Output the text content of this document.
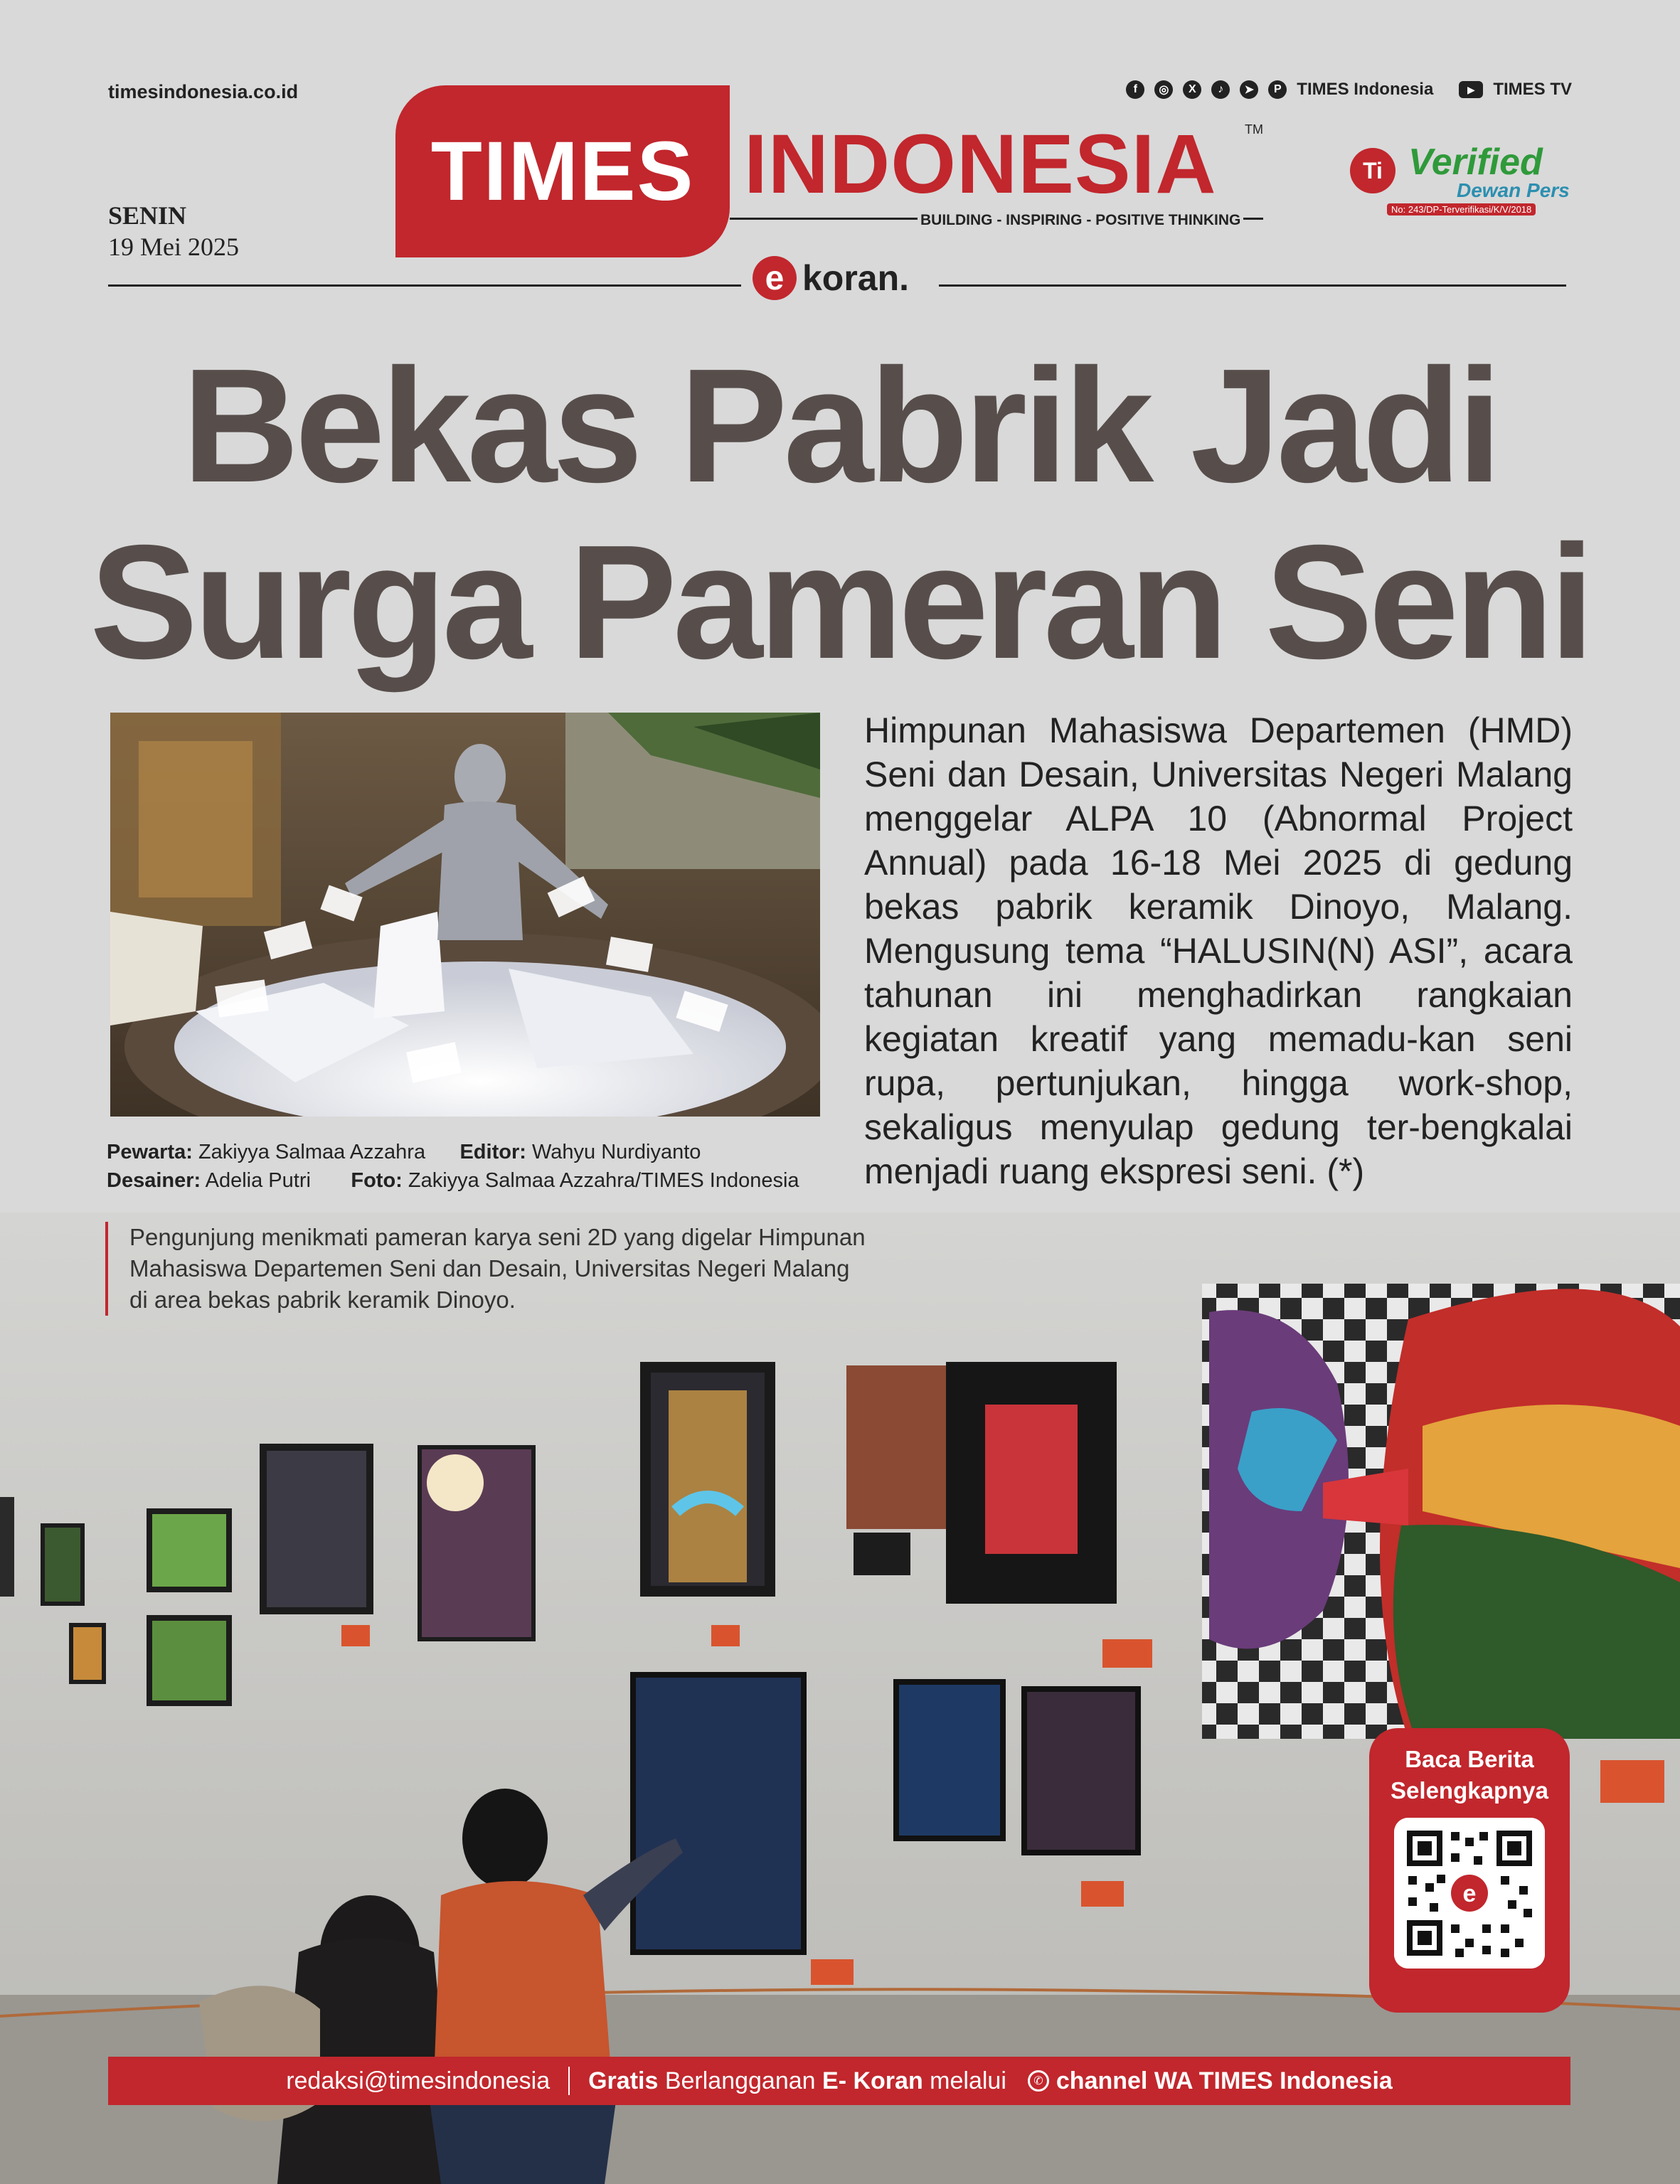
timesindonesia.co.id	f	◎	X	♪	➤	P TIMES Indonesia	▶	TIMES TV
TIMES INDONESIA TM
BUILDING - INSPIRING - POSITIVE THINKING
Ti Verified
Dewan Pers
No: 243/DP-Terverifikasi/K/V/2018
SENIN
19 Mei 2025
e koran.
Bekas Pabrik Jadi
Surga Pameran Seni
Pewarta: Zakiyya Salmaa Azzahra Editor: Wahyu Nurdiyanto
Desainer: Adelia Putri Foto: Zakiyya Salmaa Azzahra/TIMES Indonesia
Himpunan Mahasiswa Departemen (HMD) Seni dan Desain, Universitas Negeri Malang menggelar ALPA 10 (Abnormal Project Annual) pada 16-18 Mei 2025 di gedung bekas pabrik keramik Dinoyo, Malang. Mengusung tema “HALUSIN(N) ASI”, acara tahunan ini menghadirkan rangkaian kegiatan kreatif yang memadu-kan seni rupa, pertunjukan, hingga work-shop, sekaligus menyulap gedung ter-bengkalai menjadi ruang ekspresi seni. (*)
Pengunjung menikmati pameran karya seni 2D yang digelar Himpunan Mahasiswa Departemen Seni dan Desain, Universitas Negeri Malang di area bekas pabrik keramik Dinoyo.
Baca Berita
Selengkapnya
e
redaksi@timesindonesia Gratis
Berlangganan
E- Koran
melalui	✆ channel WA TIMES Indonesia
